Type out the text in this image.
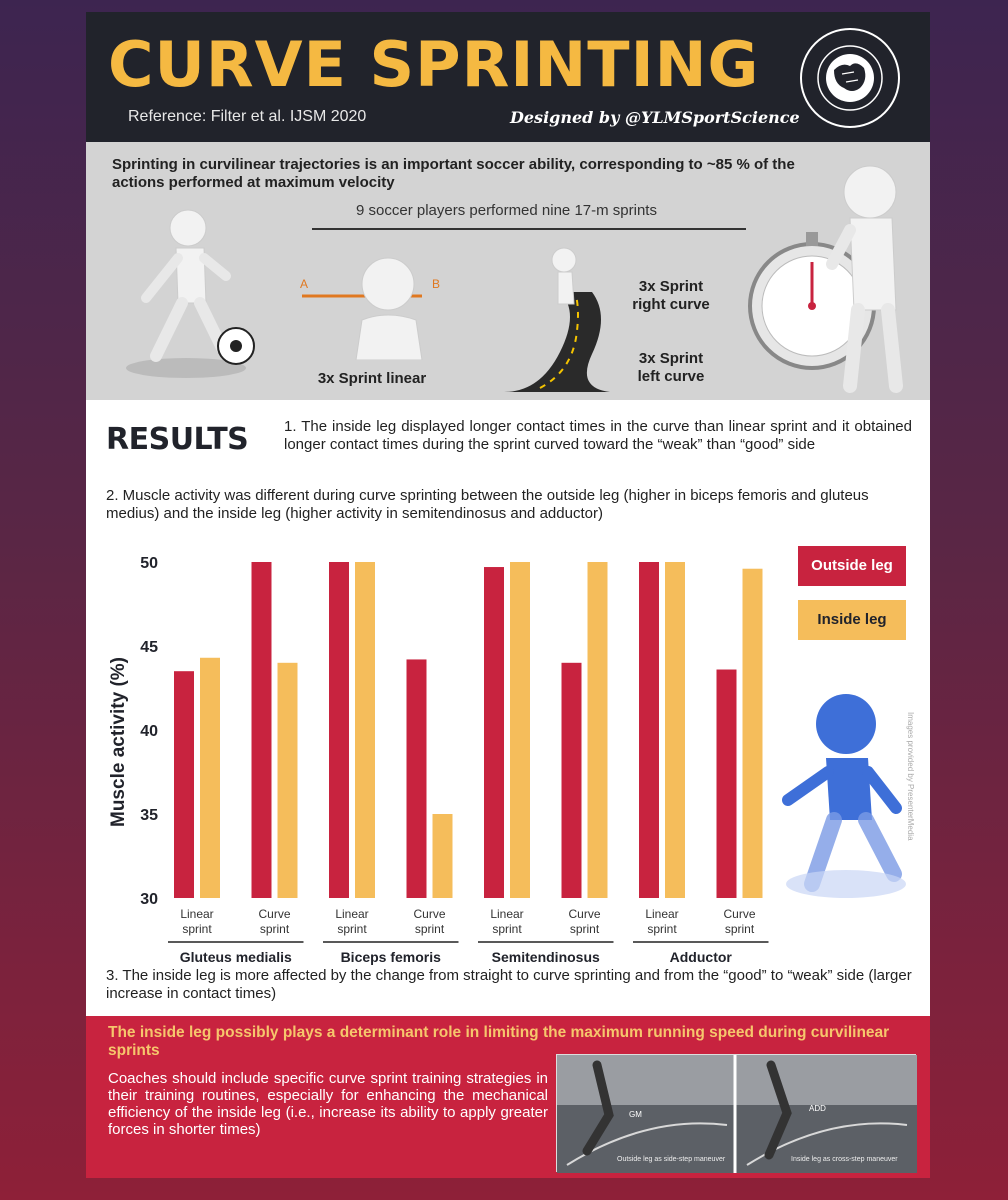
CURVE SPRINTING
Reference: Filter et al. IJSM 2020	Designed by @YLMSportScience
Sprinting in curvilinear trajectories is an important soccer ability, corresponding to ~85 % of the actions performed at maximum velocity
9 soccer players performed nine 17-m sprints
A	B
3x Sprint linear
3x Sprint
right curve
3x Sprint
left curve
RESULTS 1. The inside leg displayed longer contact times in the curve than linear sprint and it obtained longer contact times during the sprint curved toward the “weak” than “good” side
2. Muscle activity was different during curve sprinting between the outside leg (higher in biceps femoris and gluteus medius) and the inside leg (higher activity in semitendinosus and adductor)
Muscle activity (%)
30
35
40
45
50
Linear
sprint
Curve
sprint
Linear
sprint
Curve
sprint
Linear
sprint
Curve
sprint
Linear
sprint
Curve
sprint
Gluteus medialis	Biceps femoris	Semitendinosus	Adductor
Outside leg
Inside leg
Images provided by PresenterMedia
3. The inside leg is more affected by the change from straight to curve sprinting and from the “good” to “weak” side (larger increase in contact times)
The inside leg possibly plays a determinant role in limiting the maximum running speed during curvilinear sprints
Coaches should include specific curve sprint training strategies in their training routines, especially for enhancing the mechanical efficiency of the inside leg (i.e., increase its ability to apply greater forces in shorter times)
GM
ADD
Outside leg as side-step maneuver	Inside leg as cross-step maneuver
